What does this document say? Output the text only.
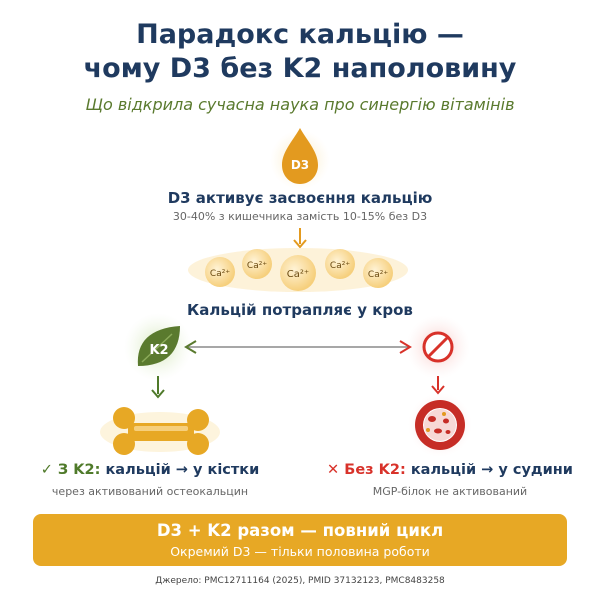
Парадокс кальцію —
чому D3 без K2 наполовину

Що відкрила сучасна наука про синергію вітамінів

D3
Ca²⁺
Ca²⁺
Ca²⁺
Ca²⁺
Ca²⁺
K2

D3 активує засвоєння кальцію

30-40% з кишечника замість 10-15% без D3

Кальцій потрапляє у кров

✓ З K2: кальцій → у кістки

через активований остеокальцин

✕ Без K2: кальцій → у судини

MGP-білок не активований

D3 + K2 разом — повний цикл

Окремий D3 — тільки половина роботи

Джерело: PMC12711164 (2025), PMID 37132123, PMC8483258
